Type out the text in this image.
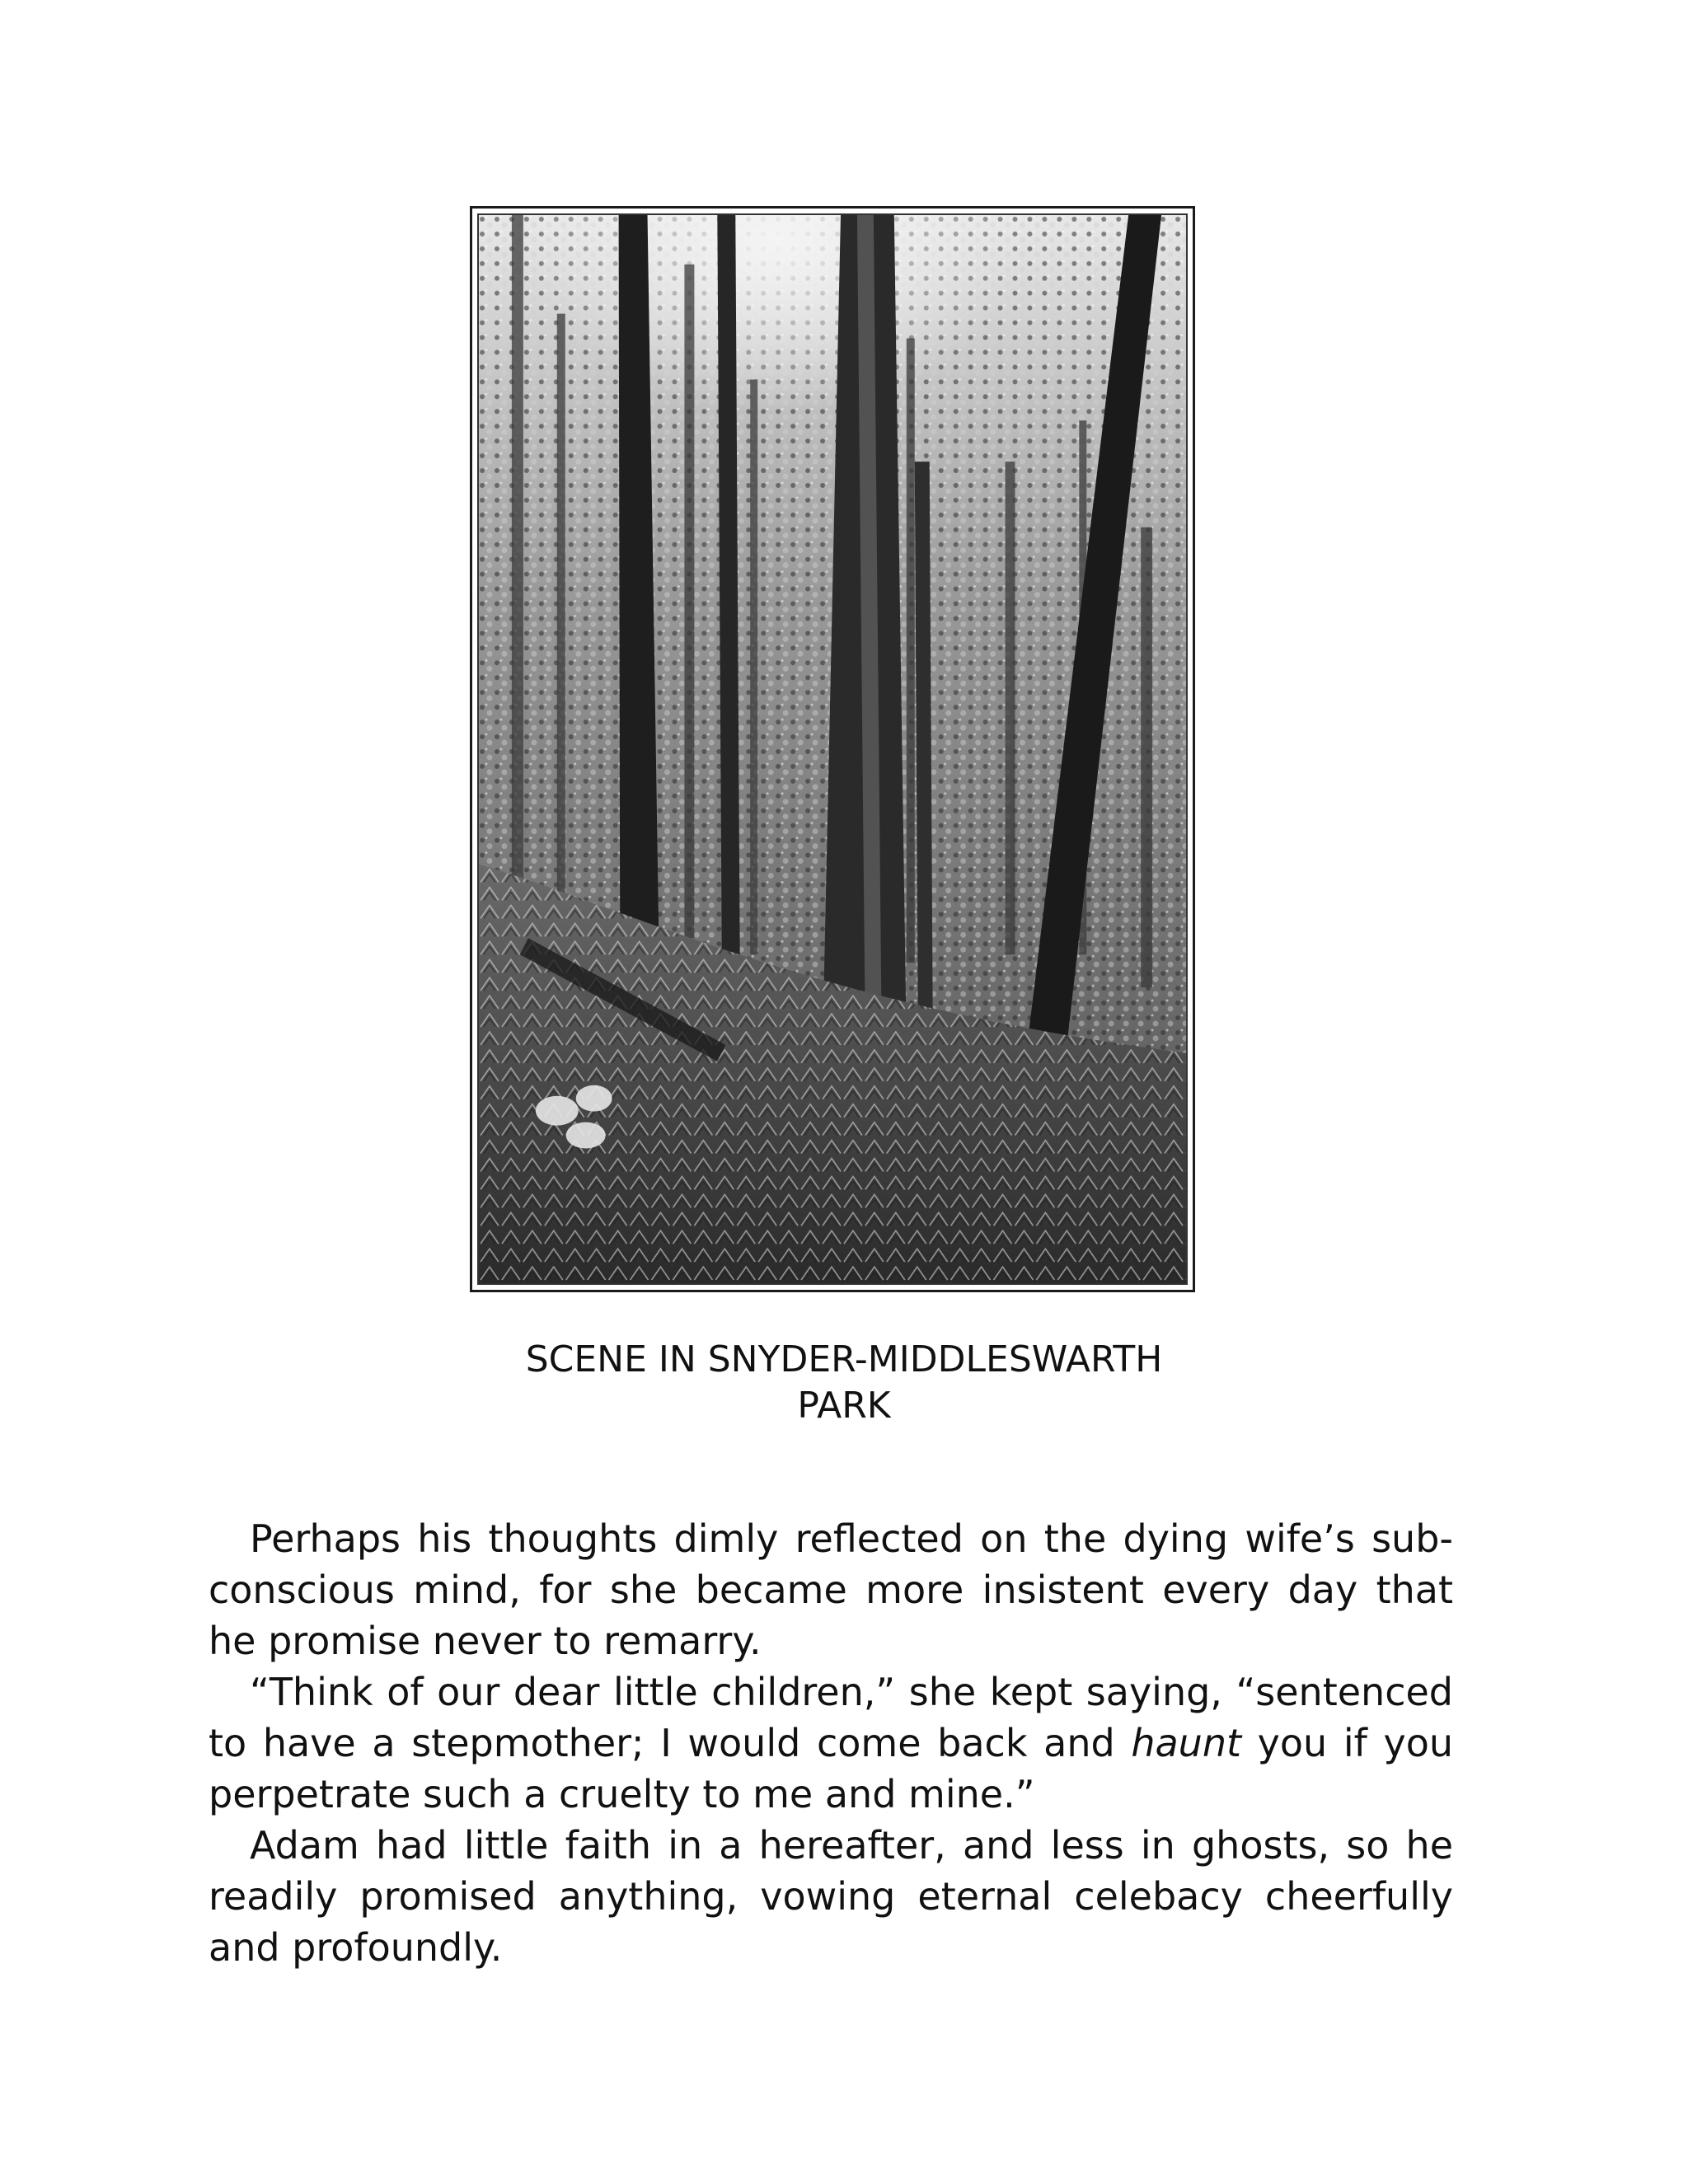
SCENE IN SNYDER-MIDDLESWARTH
PARK

Perhaps his thoughts dimly reflected on the dying wife’s sub-conscious mind, for she became more insistent every day that he promise never to remarry.

“Think of our dear little children,” she kept saying, “sentenced to have a stepmother; I would come back and haunt you if you perpetrate such a cruelty to me and mine.”

Adam had little faith in a hereafter, and less in ghosts, so he readily promised anything, vowing eternal celebacy cheerfully and profoundly.
